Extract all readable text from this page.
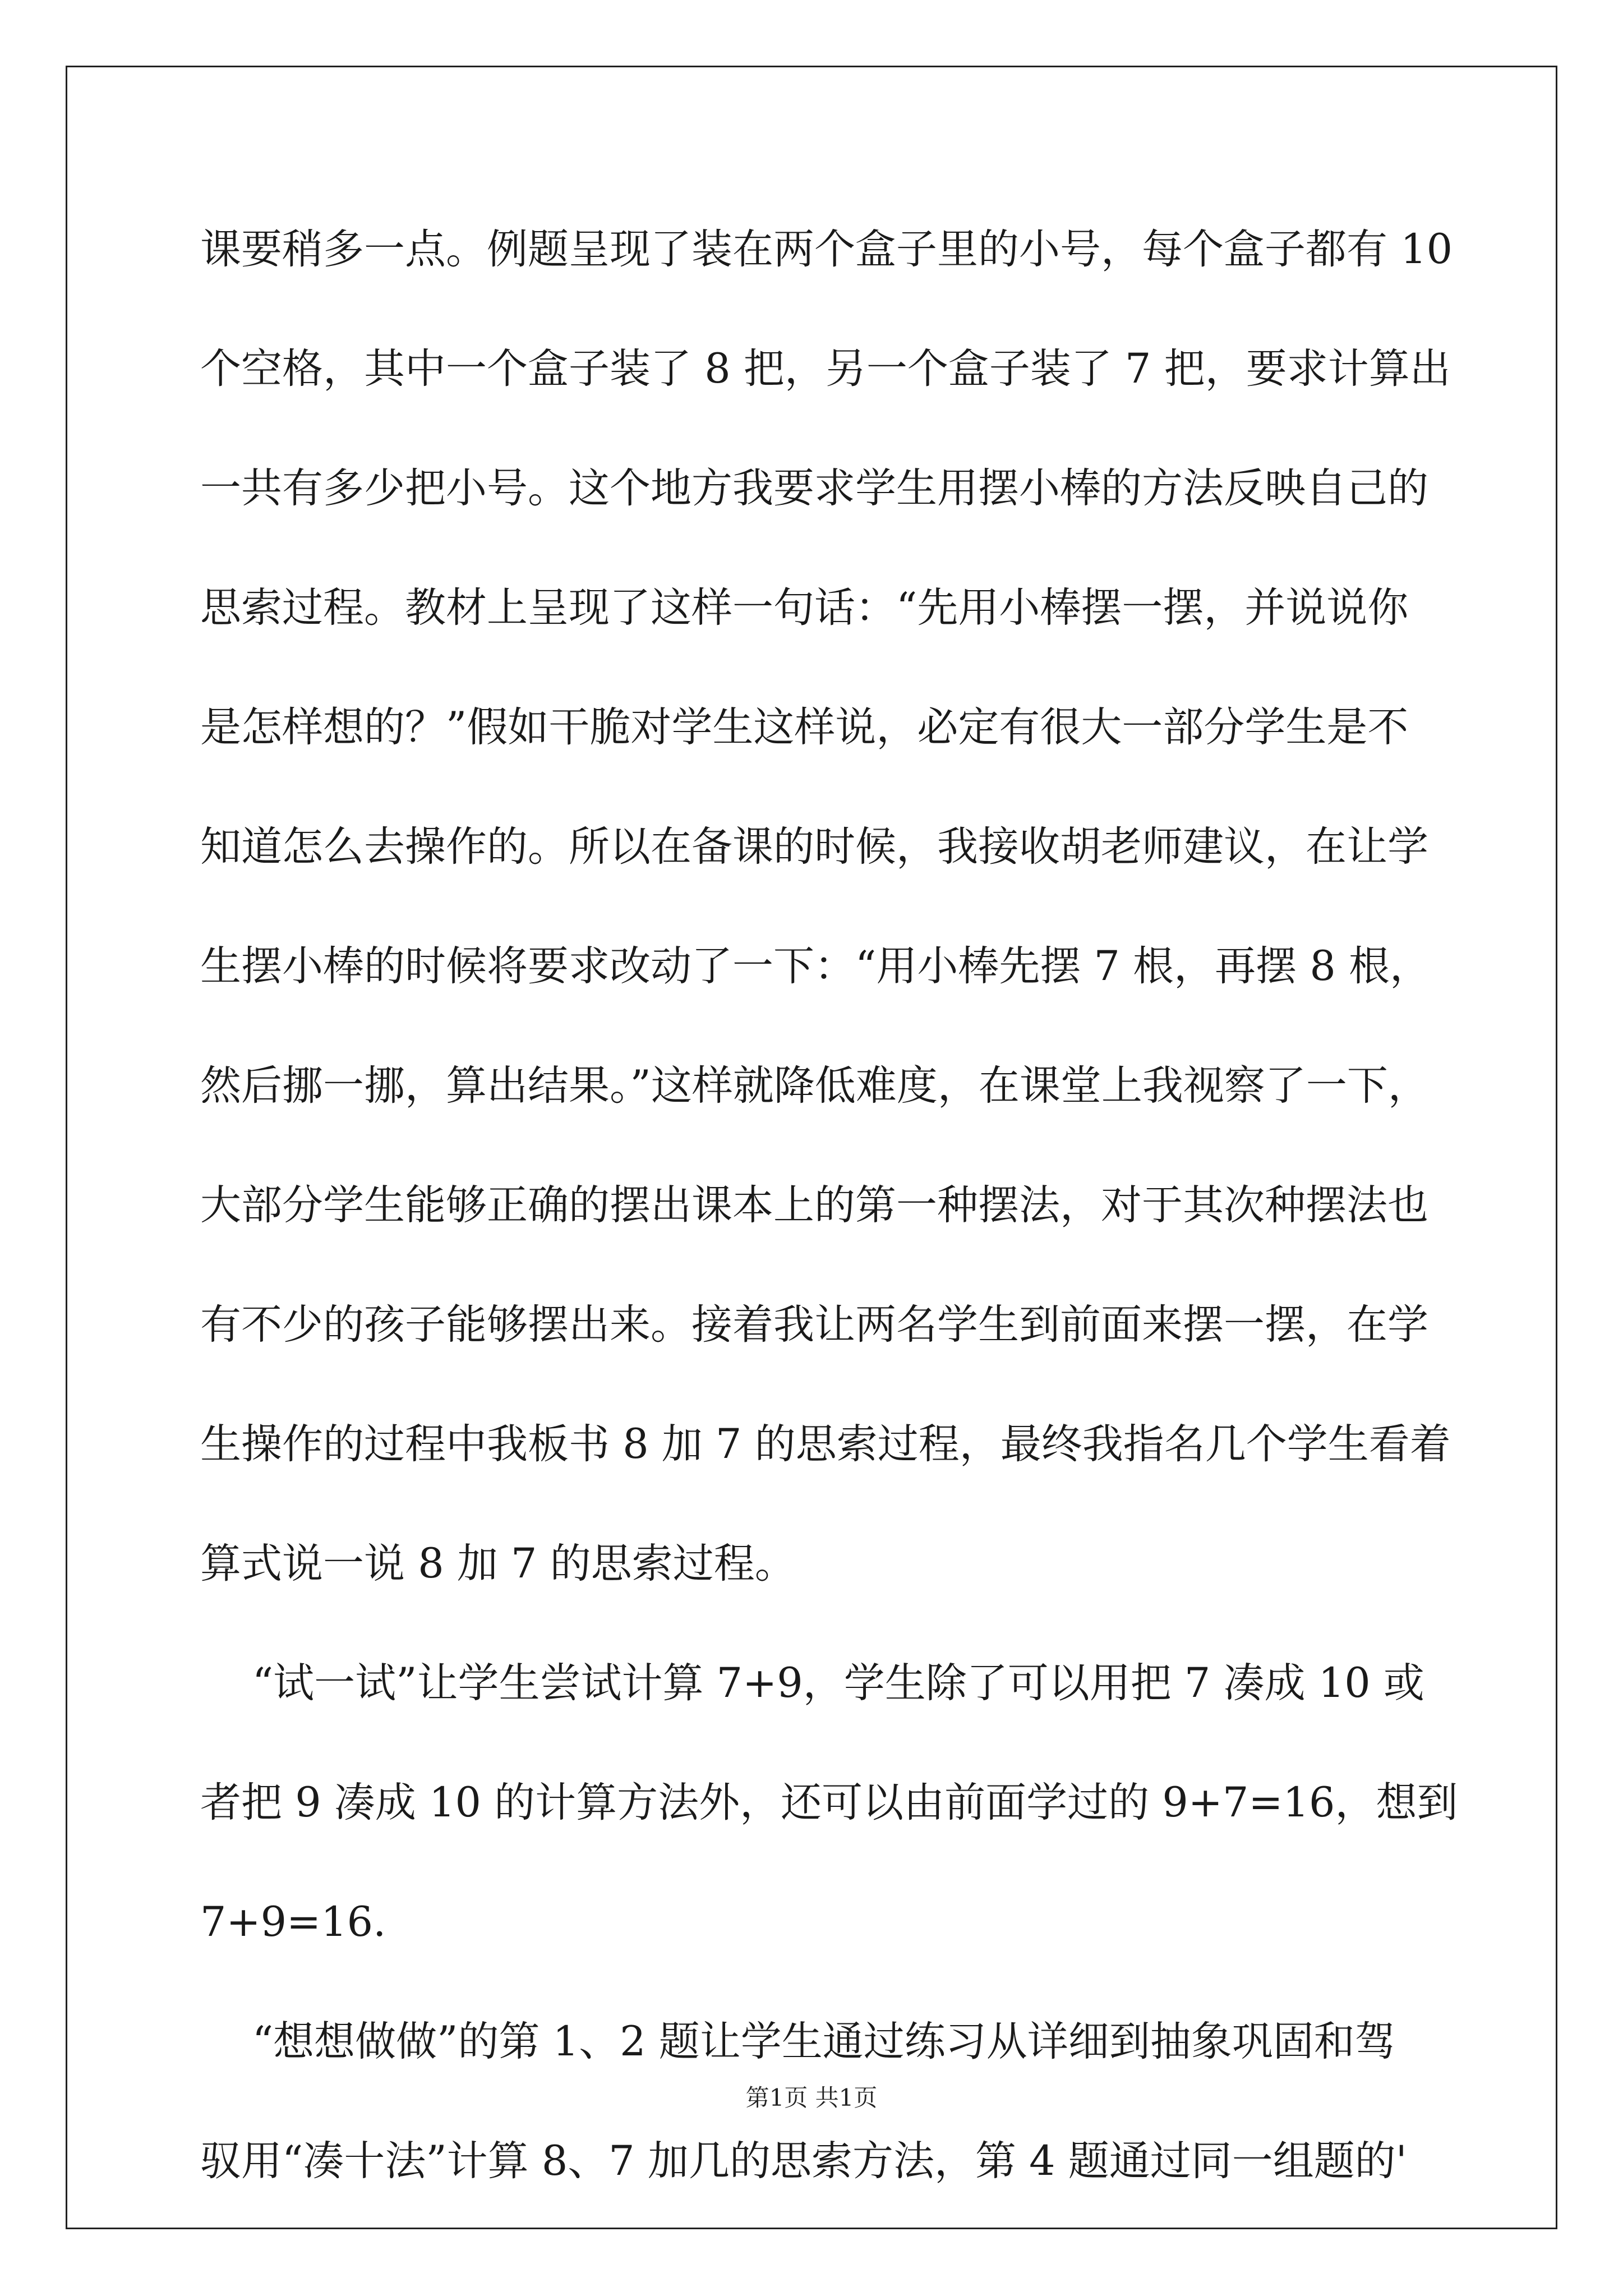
课要稍多一点。例题呈现了装在两个盒子里的小号，每个盒子都有 10
个空格，其中一个盒子装了 8 把，另一个盒子装了 7 把，要求计算出
一共有多少把小号。这个地方我要求学生用摆小棒的方法反映自己的
思索过程。教材上呈现了这样一句话：“先用小棒摆一摆，并说说你
是怎样想的？”假如干脆对学生这样说，必定有很大一部分学生是不
知道怎么去操作的。所以在备课的时候，我接收胡老师建议，在让学
生摆小棒的时候将要求改动了一下：“用小棒先摆 7 根，再摆 8 根，
然后挪一挪，算出结果。”这样就降低难度，在课堂上我视察了一下，
大部分学生能够正确的摆出课本上的第一种摆法，对于其次种摆法也
有不少的孩子能够摆出来。接着我让两名学生到前面来摆一摆，在学
生操作的过程中我板书 8 加 7 的思索过程，最终我指名几个学生看着
算式说一说 8 加 7 的思索过程。
“试一试”让学生尝试计算 7+9，学生除了可以用把 7 凑成 10 或
者把 9 凑成 10 的计算方法外，还可以由前面学过的 9+7=16，想到
7+9=16.
“想想做做”的第 1、2 题让学生通过练习从详细到抽象巩固和驾
驭用“凑十法”计算 8、7 加几的思索方法，第 4 题通过同一组题的'
第1页 共1页
